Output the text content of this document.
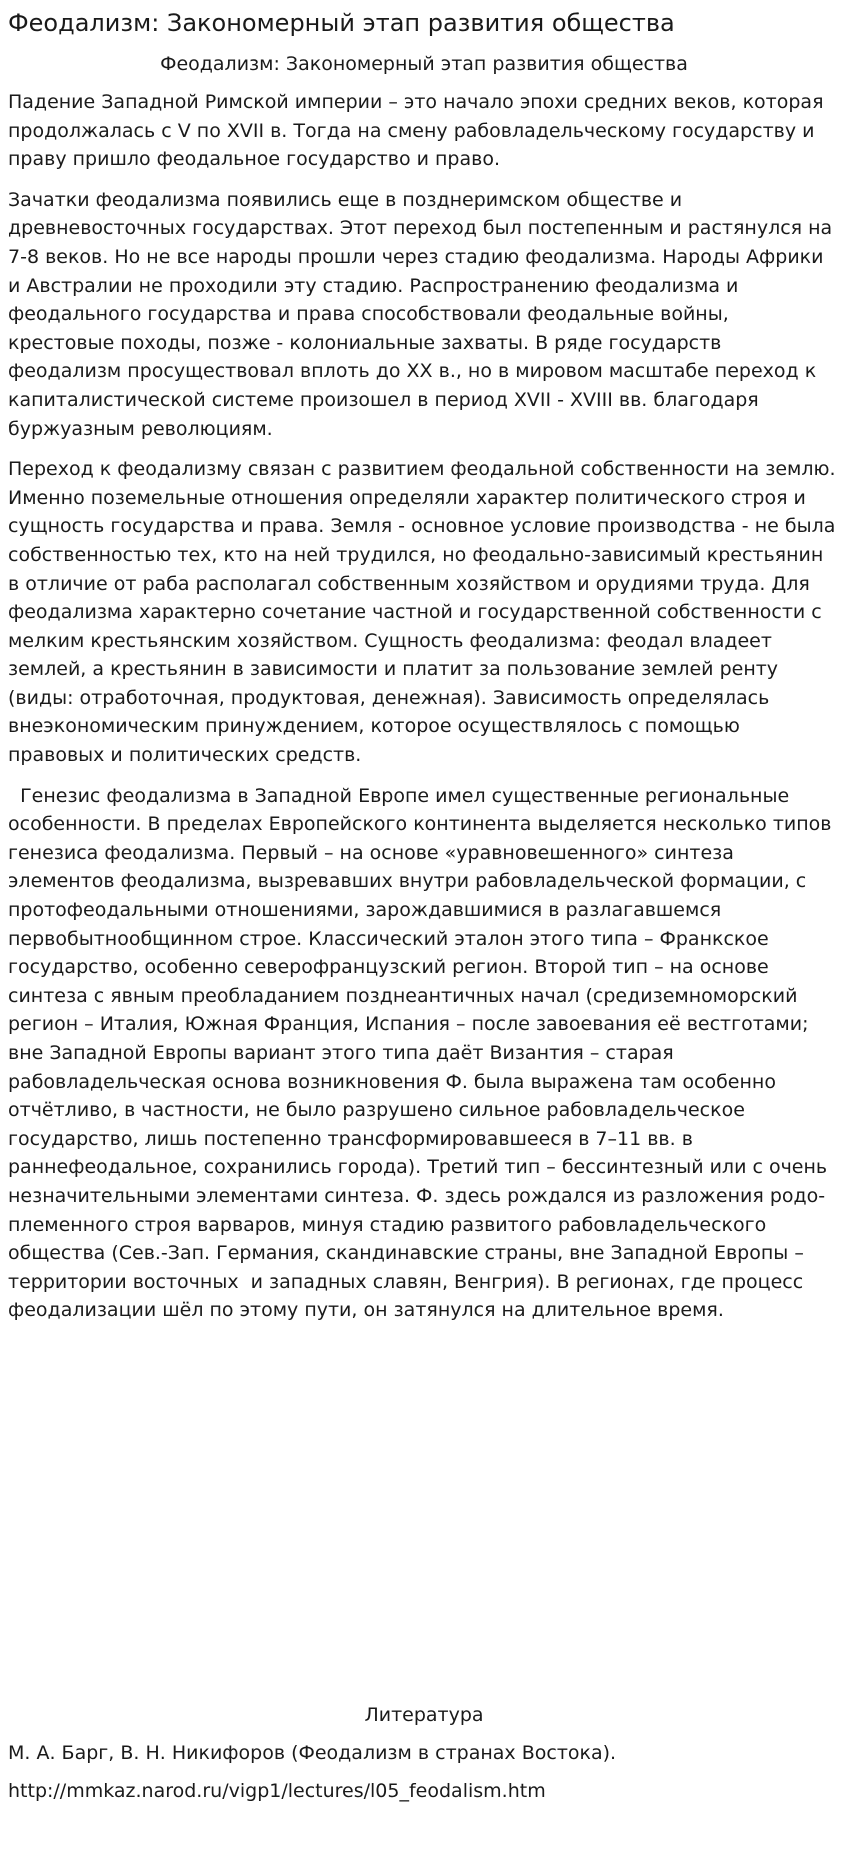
Феодализм: Закономерный этап развития общества
Феодализм: Закономерный этап развития общества

Падение Западной Римской империи – это начало эпохи средних веков, которая продолжалась с V по XVII в. Тогда на смену рабовладельческому государству и праву пришло феодальное государство и право.

Зачатки феодализма появились еще в позднеримском обществе и древневосточных государствах. Этот переход был постепенным и растянулся на 7-8 веков. Но не все народы прошли через стадию феодализма. Народы Африки и Австралии не проходили эту стадию. Распространению феодализма и феодального государства и права способствовали феодальные войны, крестовые походы, позже - колониальные захваты. В ряде государств феодализм просуществовал вплоть до XX в., но в мировом масштабе переход к капиталистической системе произошел в период XVII - XVIII вв. благодаря буржуазным революциям.

Переход к феодализму связан с развитием феодальной собственности на землю. Именно поземельные отношения определяли характер политического строя и сущность государства и права. Земля - основное условие производства - не была собственностью тех, кто на ней трудился, но феодально-зависимый крестьянин в отличие от раба располагал собственным хозяйством и орудиями труда. Для феодализма характерно сочетание частной и государственной собственности с мелким крестьянским хозяйством. Сущность феодализма: феодал владеет землей, а крестьянин в зависимости и платит за пользование землей ренту (виды: отработочная, продуктовая, денежная). Зависимость определялась внеэкономическим принуждением, которое осуществлялось с помощью правовых и политических средств.

Генезис феодализма в Западной Европе имел существенные региональные особенности. В пределах Европейского континента выделяется несколько типов генезиса феодализма. Первый – на основе «уравновешенного» синтеза элементов феодализма, вызревавших внутри рабовладельческой формации, с протофеодальными отношениями, зарождавшимися в разлагавшемся первобытнообщинном строе. Классический эталон этого типа – Франкское государство, особенно северофранцузский регион. Второй тип – на основе синтеза с явным преобладанием позднеантичных начал (средиземноморский регион – Италия, Южная Франция, Испания – после завоевания её вестготами; вне Западной Европы вариант этого типа даёт Византия – старая рабовладельческая основа возникновения Ф. была выражена там особенно отчётливо, в частности, не было разрушено сильное рабовладельческое государство, лишь постепенно трансформировавшееся в 7–11 вв. в раннефеодальное, сохранились города). Третий тип – бессинтезный или с очень незначительными элементами синтеза. Ф. здесь рождался из разложения родо-племенного строя варваров, минуя стадию развитого рабовладельческого общества (Сев.-Зап. Германия, скандинавские страны, вне Западной Европы – территории восточных  и западных славян, Венгрия). В регионах, где процесс феодализации шёл по этому пути, он затянулся на длительное время.

Литература
М. А. Барг, В. Н. Никифоров (Феодализм в странах Востока).
http://mmkaz.narod.ru/vigp1/lectures/l05_feodalism.htm
